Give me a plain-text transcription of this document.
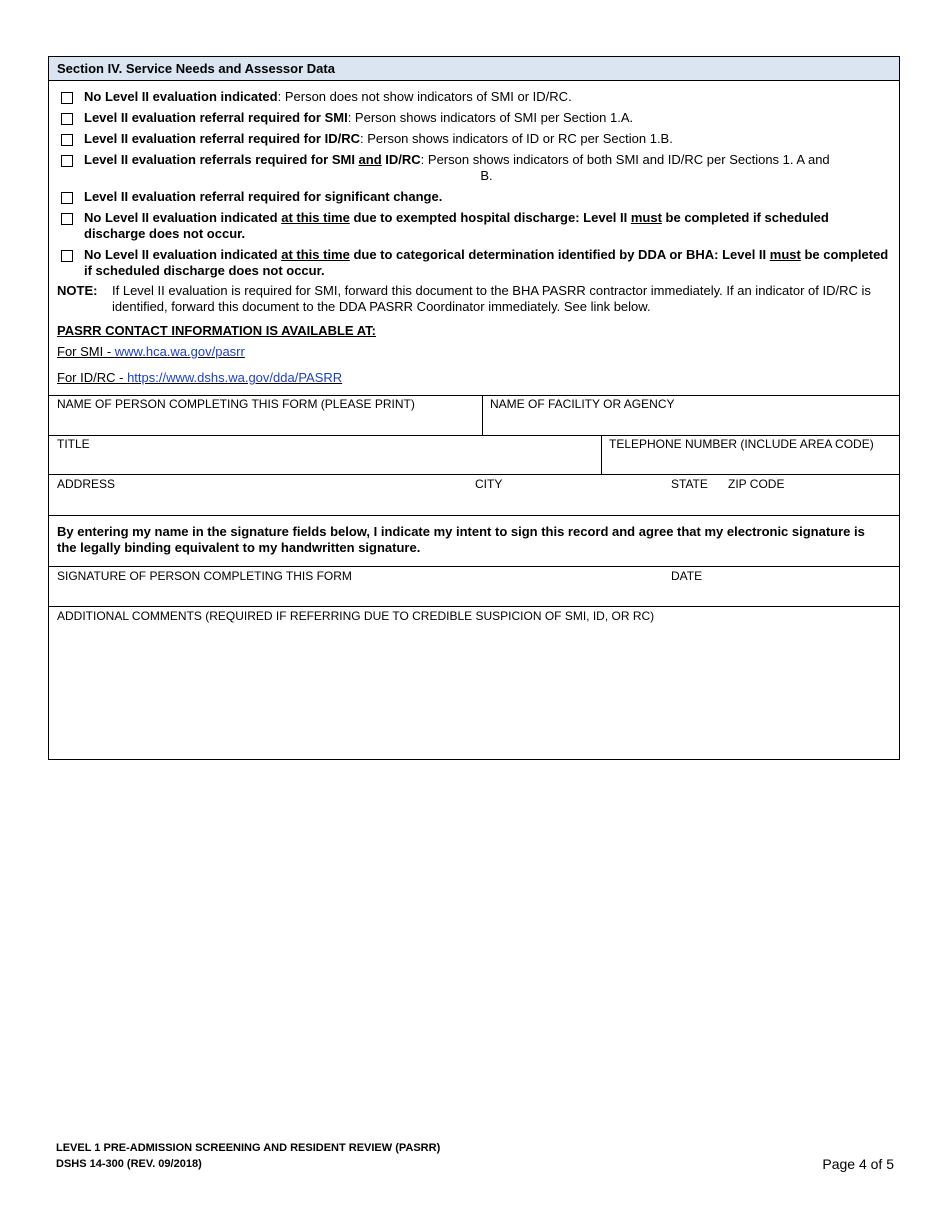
Section IV. Service Needs and Assessor Data
No Level II evaluation indicated: Person does not show indicators of SMI or ID/RC.
Level II evaluation referral required for SMI: Person shows indicators of SMI per Section 1.A.
Level II evaluation referral required for ID/RC: Person shows indicators of ID or RC per Section 1.B.
Level II evaluation referrals required for SMI and ID/RC: Person shows indicators of both SMI and ID/RC per Sections 1. A and
B.
Level II evaluation referral required for significant change.
No Level II evaluation indicated at this time due to exempted hospital discharge: Level II must be completed if scheduled discharge does not occur.
No Level II evaluation indicated at this time due to categorical determination identified by DDA or BHA: Level II must be completed if scheduled discharge does not occur.
NOTE:	If Level II evaluation is required for SMI, forward this document to the BHA PASRR contractor immediately. If an indicator of ID/RC is identified, forward this document to the DDA PASRR Coordinator immediately. See link below.
PASRR CONTACT INFORMATION IS AVAILABLE AT:
For SMI - www.hca.wa.gov/pasrr
For ID/RC - https://www.dshs.wa.gov/dda/PASRR
NAME OF PERSON COMPLETING THIS FORM (PLEASE PRINT)	NAME OF FACILITY OR AGENCY
TITLE	TELEPHONE NUMBER (INCLUDE AREA CODE)
ADDRESS	CITY	STATE ZIP CODE
By entering my name in the signature fields below, I indicate my intent to sign this record and agree that my electronic signature is the legally binding equivalent to my handwritten signature.
SIGNATURE OF PERSON COMPLETING THIS FORM	DATE
ADDITIONAL COMMENTS (REQUIRED IF REFERRING DUE TO CREDIBLE SUSPICION OF SMI, ID, OR RC)
LEVEL 1 PRE-ADMISSION SCREENING AND RESIDENT REVIEW (PASRR)
DSHS 14-300 (REV. 09/2018)	Page 4 of 5
